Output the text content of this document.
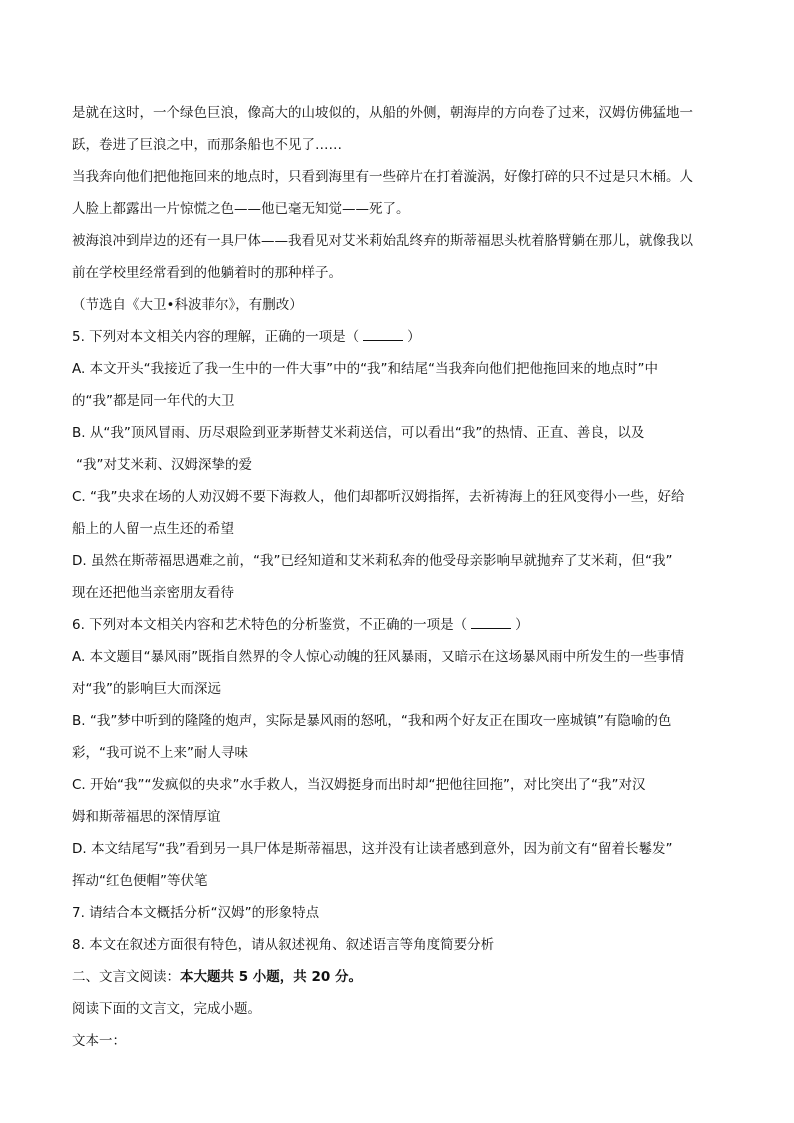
是就在这时，一个绿色巨浪，像高大的山坡似的，从船的外侧，朝海岸的方向卷了过来，汉姆仿佛猛地一
跃，卷进了巨浪之中，而那条船也不见了……
当我奔向他们把他拖回来的地点时，只看到海里有一些碎片在打着漩涡，好像打碎的只不过是只木桶。人
人脸上都露出一片惊慌之色——他已毫无知觉——死了。
被海浪冲到岸边的还有一具尸体——我看见对艾米莉始乱终弃的斯蒂福思头枕着胳臂躺在那儿，就像我以
前在学校里经常看到的他躺着时的那种样子。
（节选自《大卫•科波菲尔》，有删改）
5. 下列对本文相关内容的理解，正确的一项是（	）
A. 本文开头“我接近了我一生中的一件大事”中的“我”和结尾“当我奔向他们把他拖回来的地点时”中
的“我”都是同一年代的大卫
B. 从“我”顶风冒雨、历尽艰险到亚茅斯替艾米莉送信，可以看出“我”的热情、正直、善良，以及
“我”对艾米莉、汉姆深挚的爱
C. “我”央求在场的人劝汉姆不要下海救人，他们却都听汉姆指挥，去祈祷海上的狂风变得小一些，好给
船上的人留一点生还的希望
D. 虽然在斯蒂福思遇难之前，“我”已经知道和艾米莉私奔的他受母亲影响早就抛弃了艾米莉，但“我”
现在还把他当亲密朋友看待
6. 下列对本文相关内容和艺术特色的分析鉴赏，不正确的一项是（	）
A. 本文题目“暴风雨”既指自然界的令人惊心动魄的狂风暴雨，又暗示在这场暴风雨中所发生的一些事情
对“我”的影响巨大而深远
B. “我”梦中听到的隆隆的炮声，实际是暴风雨的怒吼，“我和两个好友正在围攻一座城镇”有隐喻的色
彩，“我可说不上来”耐人寻味
C. 开始“我”“发疯似的央求”水手救人，当汉姆挺身而出时却“把他往回拖”，对比突出了“我”对汉
姆和斯蒂福思的深情厚谊
D. 本文结尾写“我”看到另一具尸体是斯蒂福思，这并没有让读者感到意外，因为前文有“留着长鬈发”
挥动“红色便帽”等伏笔
7. 请结合本文概括分析“汉姆”的形象特点
8. 本文在叙述方面很有特色，请从叙述视角、叙述语言等角度简要分析
二、文言文阅读：本大题共 5 小题，共 20 分。
阅读下面的文言文，完成小题。
文本一：
